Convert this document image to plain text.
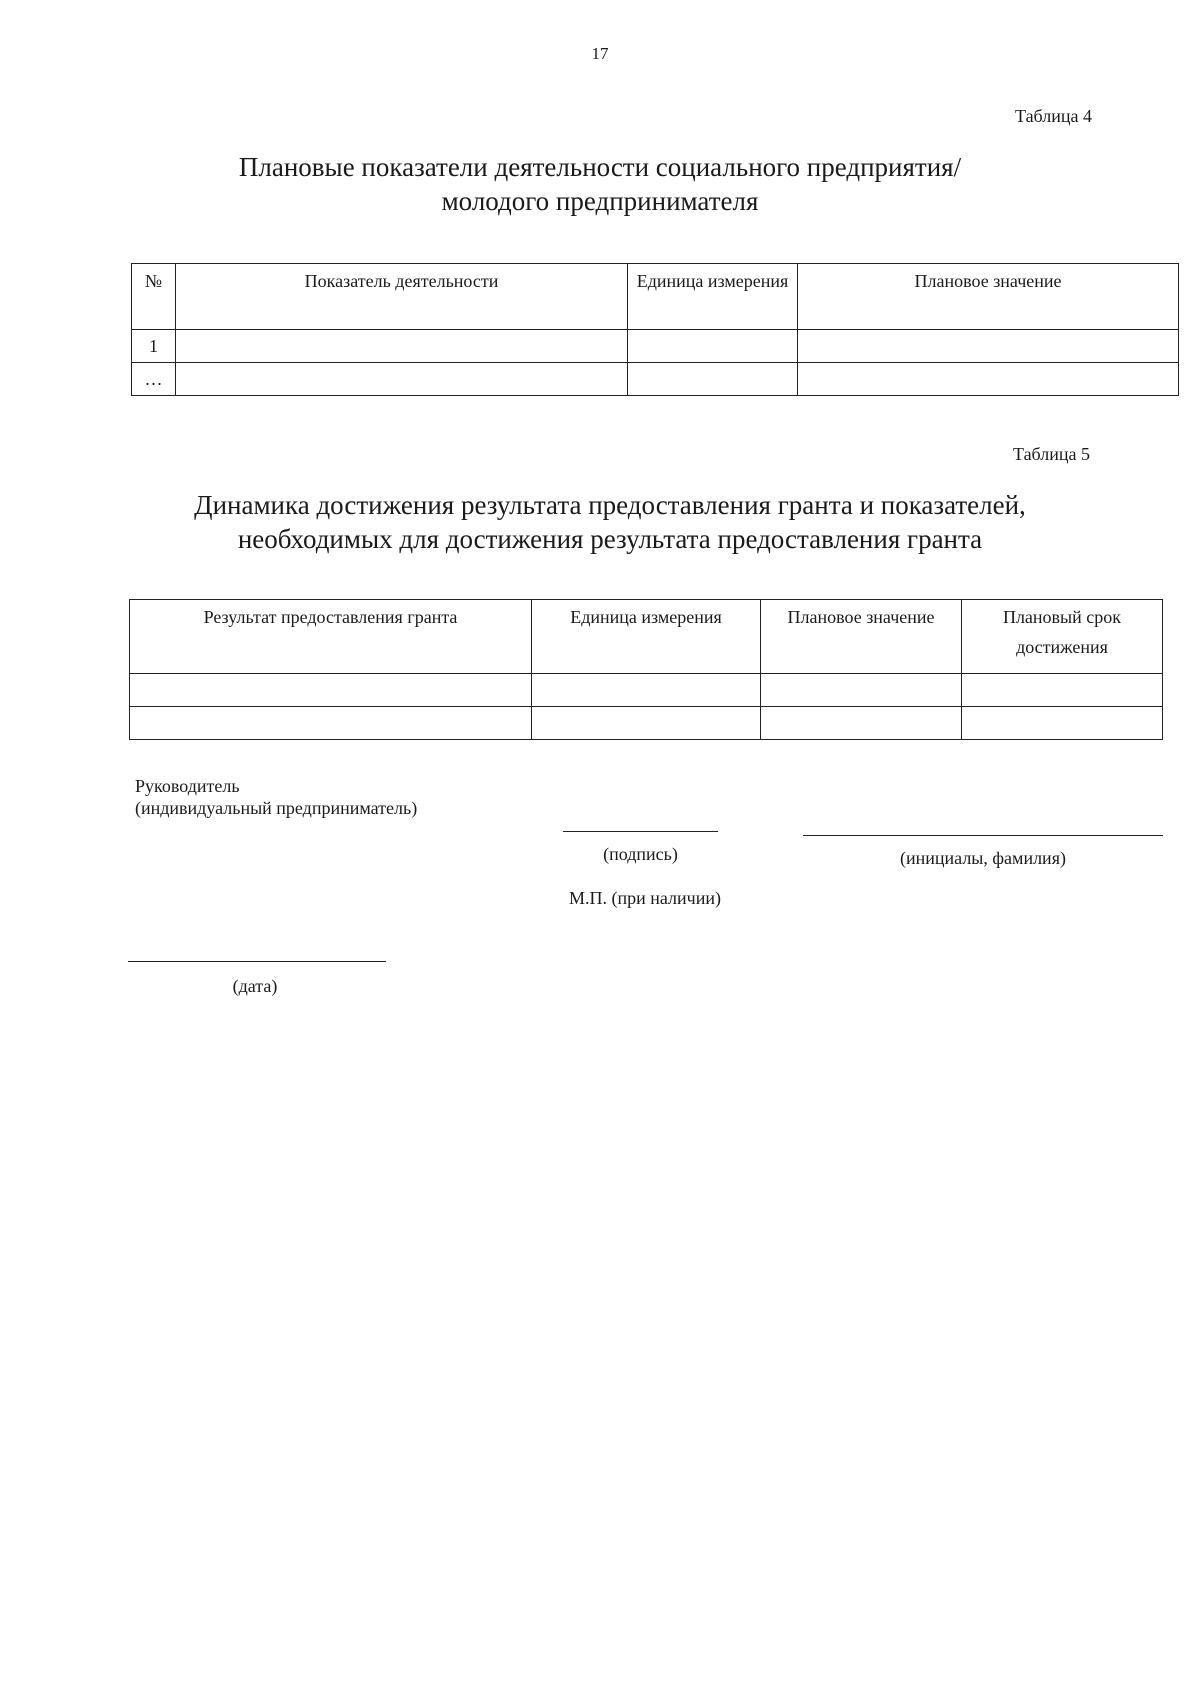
17
Таблица 4
Плановые показатели деятельности социального предприятия/
молодого предпринимателя
№	Показатель деятельности	Единица измерения	Плановое значение
1			
…			
Таблица 5
Динамика достижения результата предоставления гранта и показателей,
необходимых для достижения результата предоставления гранта
Результат предоставления гранта	Единица измерения	Плановое значение	Плановый срок достижения

Руководитель
(индивидуальный предприниматель)
(подпись)	(инициалы, фамилия)
М.П. (при наличии)
(дата)
